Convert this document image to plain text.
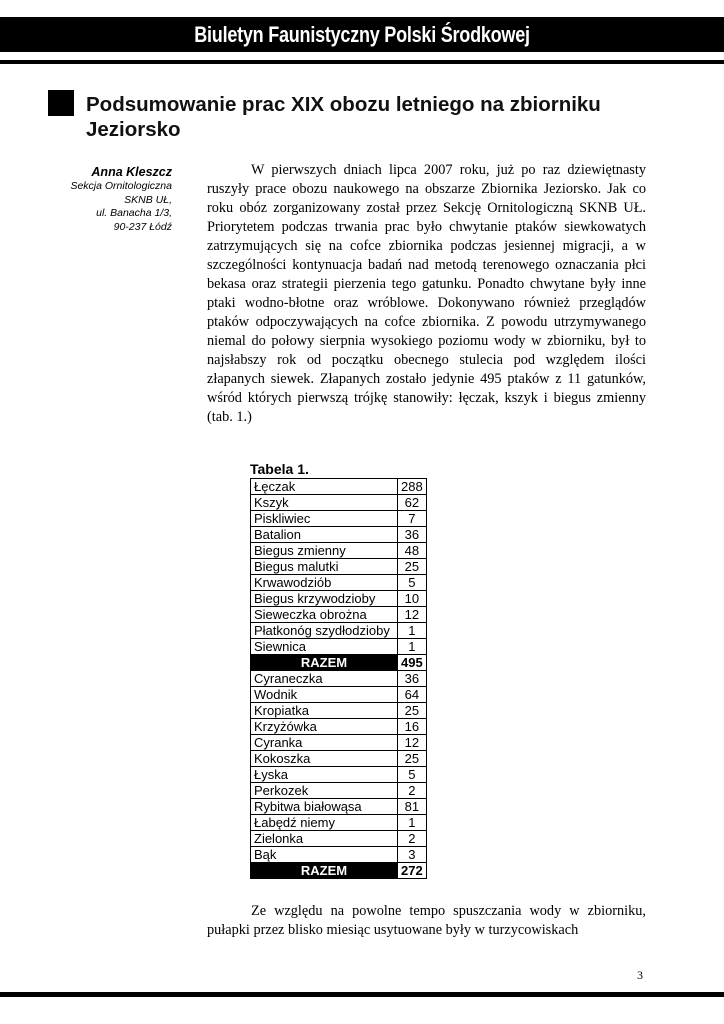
Biuletyn Faunistyczny Polski Środkowej
Podsumowanie prac XIX obozu letniego na zbiorniku Jeziorsko
Anna Kleszcz
Sekcja Ornitologiczna
SKNB UŁ,
ul. Banacha 1/3,
90-237 Łódź

W pierwszych dniach lipca 2007 roku, już po raz dziewiętnasty ruszyły prace obozu naukowego na obszarze Zbiornika Jeziorsko. Jak co roku obóz zorganizowany został przez Sekcję Ornitologiczną SKNB UŁ. Priorytetem podczas trwania prac było chwytanie ptaków siewkowatych zatrzymujących się na cofce zbiornika podczas jesiennej migracji, a w szczególności kontynuacja badań nad metodą terenowego oznaczania płci bekasa oraz strategii pierzenia tego gatunku. Ponadto chwytane były inne ptaki wodno-błotne oraz wróblowe. Dokonywano również przeglądów ptaków odpoczywających na cofce zbiornika. Z powodu utrzymywanego niemal do połowy sierpnia wysokiego poziomu wody w zbiorniku, był to najsłabszy rok od początku obecnego stulecia pod względem ilości złapanych siewek. Złapanych zostało jedynie 495 ptaków z 11 gatunków, wśród których pierwszą trójkę stanowiły: łęczak, kszyk i biegus zmienny (tab. 1.)

Tabela 1.
Łęczak	288
Kszyk	62
Piskliwiec	7
Batalion	36
Biegus zmienny	48
Biegus malutki	25
Krwawodziób	5
Biegus krzywodzioby	10
Sieweczka obrożna	12
Płatkonóg szydłodzioby	1
Siewnica	1
RAZEM	495
Cyraneczka	36
Wodnik	64
Kropiatka	25
Krzyżówka	16
Cyranka	12
Kokoszka	25
Łyska	5
Perkozek	2
Rybitwa białowąsa	81
Łabędź niemy	1
Zielonka	2
Bąk	3
RAZEM	272

Ze względu na powolne tempo spuszczania wody w zbiorniku, pułapki przez blisko miesiąc usytuowane były w turzycowiskach

3
